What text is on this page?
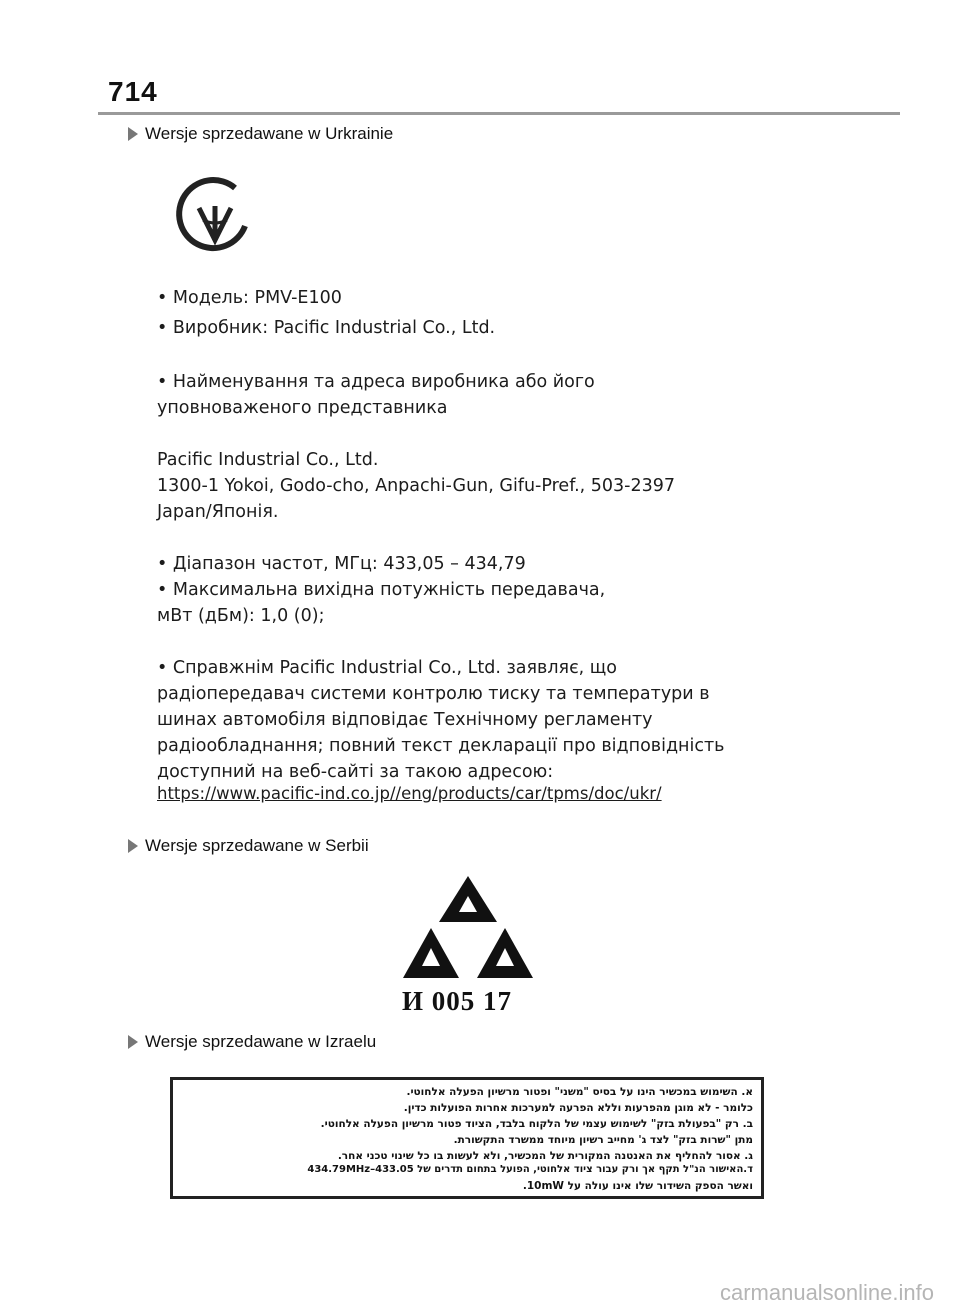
714
Wersje sprzedawane w Urkrainie
• Модель: PMV-E100
• Виробник: Pacific Industrial Co., Ltd.
• Найменування та адреса виробника або його
уповноваженого представника
Pacific Industrial Co., Ltd.
1300-1 Yokoi, Godo-cho, Anpachi-Gun, Gifu-Pref., 503-2397
Japan/Японія.
• Діапазон частот, МГц: 433,05 – 434,79
• Максимальна вихідна потужність передавача,
мВт (дБм): 1,0 (0);
• Справжнім Pacific Industrial Co., Ltd. заявляє, що
радіопередавач системи контролю тиску та температури в
шинах автомобіля відповідає Технічному регламенту
радіообладнання; повний текст декларації про відповідність
доступний на веб-сайті за такою адресою:
https://www.pacific-ind.co.jp//eng/products/car/tpms/doc/ukr/
Wersje sprzedawane w Serbii
И 005 17
Wersje sprzedawane w Izraelu
א. השימוש במכשיר הינו על בסיס "משני" ופטור מרשיון הפעלה אלחוטי.
כלומר - לא מוגן מהפרעות וללא הפרעה למערכות אחרות הפועלות כדין.
ב. רק "בפעולת בזק" לשימוש עצמי של הלקוח בלבד, הציוד פטור מרשיון הפעלה אלחוטי.
מתן "שרות בזק" לצד ג' מחייב רשיון מיוחד ממשרד התקשורת.
ג. אסור להחליף את האנטנה המקורית של המכשיר, ולא לעשות בו כל שינוי טכני אחר.
ד.האישור הנ"ל תקף אך ורק עבור ציוד אלחוטי, הפועל בתחום תדרים של 433.05–434.79MHz
ואשר הספק השידור שלו אינו עולה על 10mW.
carmanualsonline.info
